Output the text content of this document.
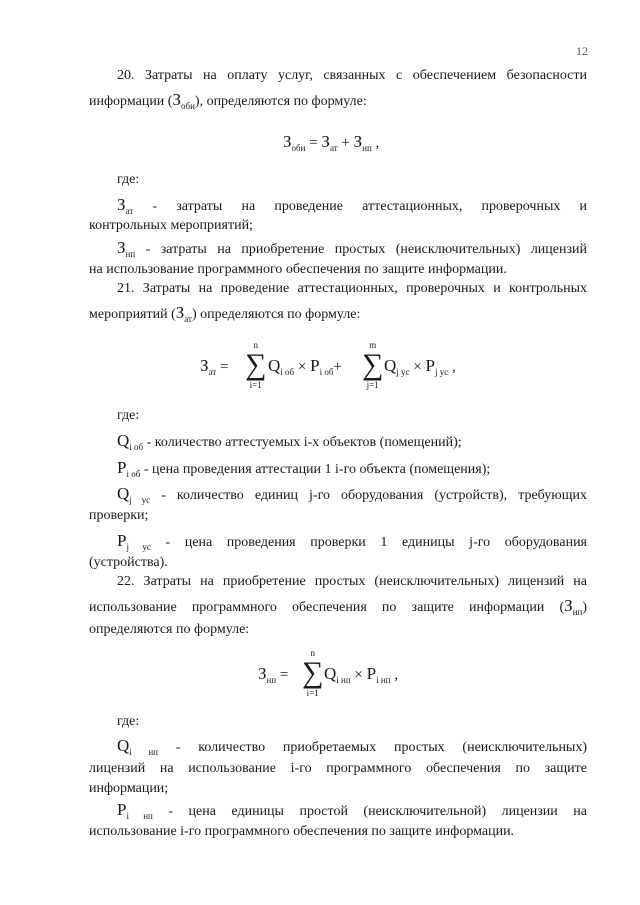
12
20. Затраты на оплату услуг, связанных с обеспечением безопасности
информации $(З_{оби})$, определяются по формуле:
$З_{оби} = З_{ат} + З_{нп}$ ,
где:
$З_{ат}$ - затраты на проведение аттестационных, проверочных и
контрольных мероприятий;
$З_{нп}$ - затраты на приобретение простых (неисключительных) лицензий
на использование программного обеспечения по защите информации.
21. Затраты на проведение аттестационных, проверочных и контрольных
мероприятий $(З_{ат})$ определяются по формуле:
$З_{ат}$ =
n
∑
i=1
$Q_{i об} \times P_{i об}+$
m
∑
j=1
$Q_{j ус} \times P_{j ус}$ ,
где:
$Q_{i об}$ - количество аттестуемых i-х объектов (помещений);
$P_{i об}$ - цена проведения аттестации 1 i-го объекта (помещения);
$Q_{j ус}$ - количество единиц j-го оборудования (устройств), требующих
проверки;
$P_{j ус}$ - цена проведения проверки 1 единицы j-го оборудования
(устройства).
22. Затраты на приобретение простых (неисключительных) лицензий на
использование программного обеспечения по защите информации $(З_{нп})$
определяются по формуле:
$З_{нп}$ =
n
∑
i=1
$Q_{i нп} \times P_{i нп}$ ,
где:
$Q_{i нп}$ - количество приобретаемых простых (неисключительных)
лицензий на использование i-го программного обеспечения по защите
информации;
$P_{i нп}$ - цена единицы простой (неисключительной) лицензии на
использование i-го программного обеспечения по защите информации.
